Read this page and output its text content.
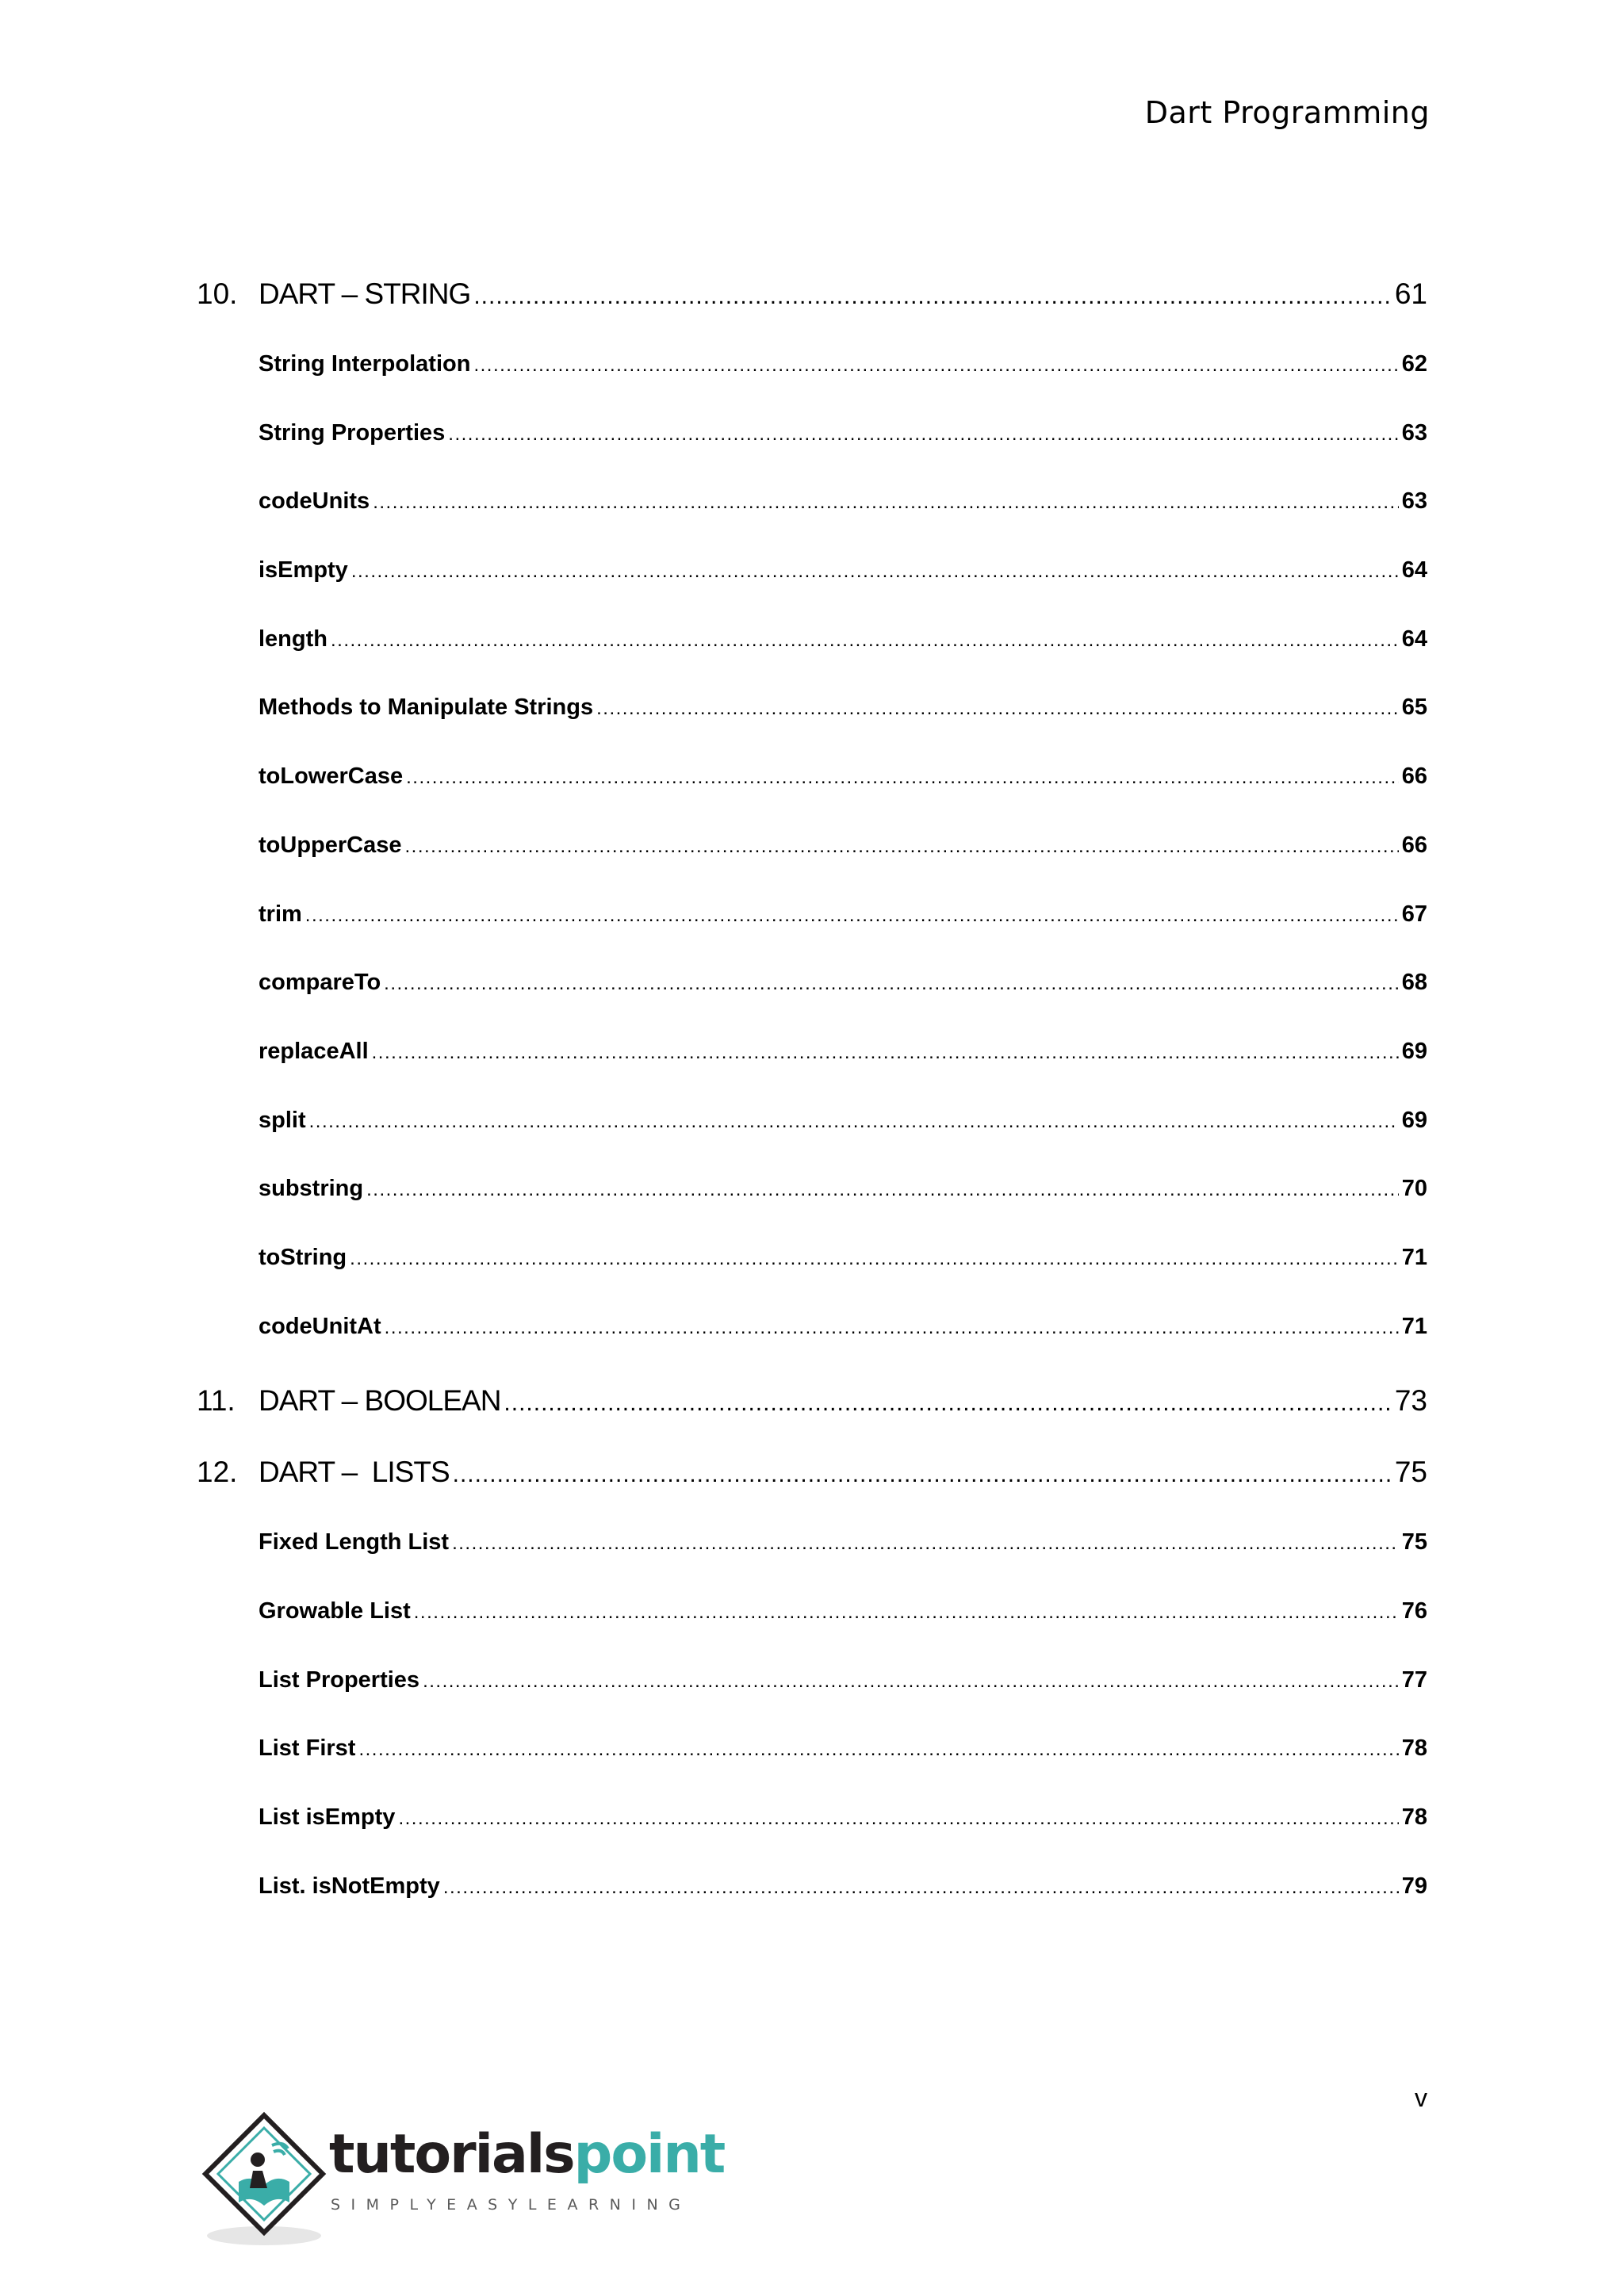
Dart Programming
10. DART – STRING .....	61
String Interpolation .....	62
String Properties .....	63
codeUnits .....	63
isEmpty .....	64
length .....	64
Methods to Manipulate Strings .....	65
toLowerCase .....	66
toUpperCase .....	66
trim .....	67
compareTo .....	68
replaceAll .....	69
split .....	69
substring .....	70
toString .....	71
codeUnitAt .....	71
11. DART – BOOLEAN .....	73
12. DART –  LISTS .....	75
Fixed Length List .....	75
Growable List .....	76
List Properties .....	77
List First .....	78
List isEmpty .....	78
List. isNotEmpty .....	79
v
tutorialspoint
SIMPLYEASYLEARNING
